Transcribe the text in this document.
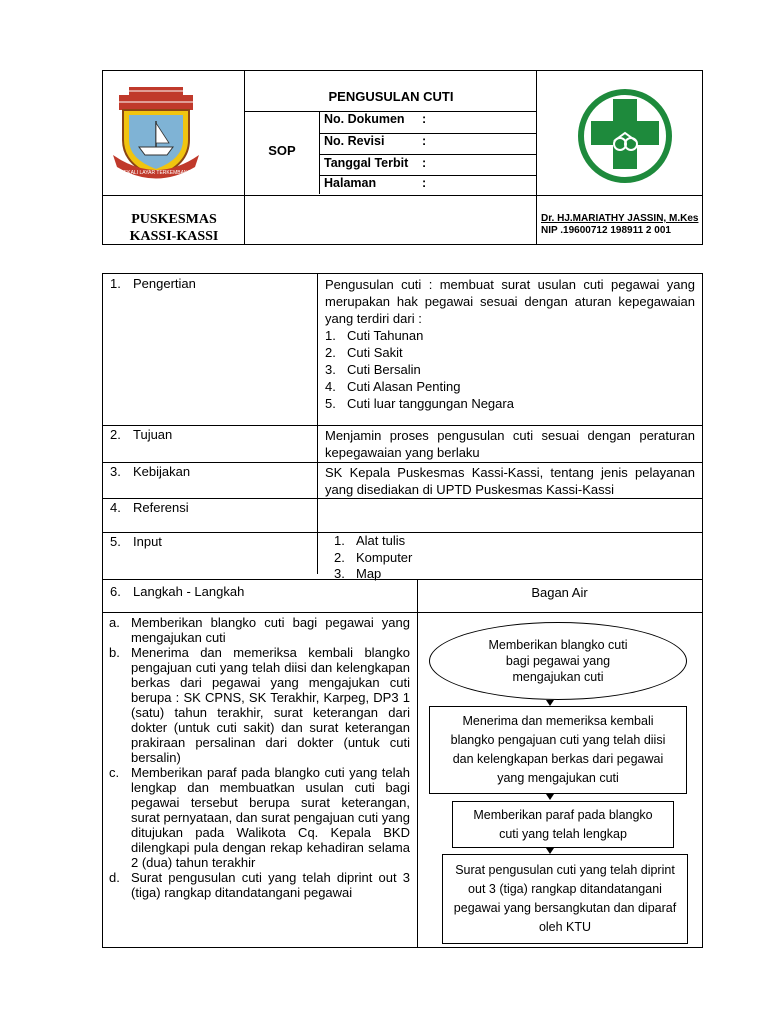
SEKALI LAYAR TERKEMBANG
PENGUSULAN CUTI
SOP
No. Dokumen :
No. Revisi	:
Tanggal Terbit :
Halaman	:
PUSKESMAS
KASSI-KASSI
Dr. HJ.MARIATHY JASSIN, M.Kes
NIP .19600712 198911 2 001
1. Pengertian	Pengusulan cuti : membuat surat usulan cuti pegawai yang merupakan hak pegawai sesuai dengan aturan kepegawaian yang terdiri dari :
1. Cuti Tahunan
2. Cuti Sakit
3. Cuti Bersalin
4. Cuti Alasan Penting
5. Cuti luar tanggungan Negara
2. Tujuan	Menjamin proses pengusulan cuti sesuai dengan peraturan kepegawaian yang berlaku
3. Kebijakan	SK Kepala Puskesmas Kassi-Kassi, tentang jenis pelayanan yang disediakan di UPTD Puskesmas Kassi-Kassi
4. Referensi
5. Input	1. Alat tulis
2. Komputer
3. Map
6. Langkah - Langkah	Bagan Air
a. Memberikan blangko cuti bagi pegawai yang mengajukan cuti
b. Menerima dan memeriksa kembali blangko pengajuan cuti yang telah diisi dan kelengkapan berkas dari pegawai yang mengajukan cuti berupa : SK CPNS, SK Terakhir, Karpeg, DP3 1 (satu) tahun terakhir, surat keterangan dari dokter (untuk cuti sakit) dan surat keterangan prakiraan persalinan dari dokter (untuk cuti bersalin)
c. Memberikan paraf pada blangko cuti yang telah lengkap dan membuatkan usulan cuti bagi pegawai tersebut berupa surat keterangan, surat pernyataan, dan surat pengajuan cuti yang ditujukan pada Walikota Cq. Kepala BKD dilengkapi pula dengan rekap kehadiran selama 2 (dua) tahun terakhir
d. Surat pengusulan cuti yang telah diprint out 3 (tiga) rangkap ditandatangani pegawai
Memberikan blangko cuti bagi pegawai yang mengajukan cuti
Menerima dan memeriksa kembali blangko pengajuan cuti yang telah diisi dan kelengkapan berkas dari pegawai yang mengajukan cuti
Memberikan paraf pada blangko cuti yang telah lengkap
Surat pengusulan cuti yang telah diprint out 3 (tiga) rangkap ditandatangani pegawai yang bersangkutan dan diparaf oleh KTU
